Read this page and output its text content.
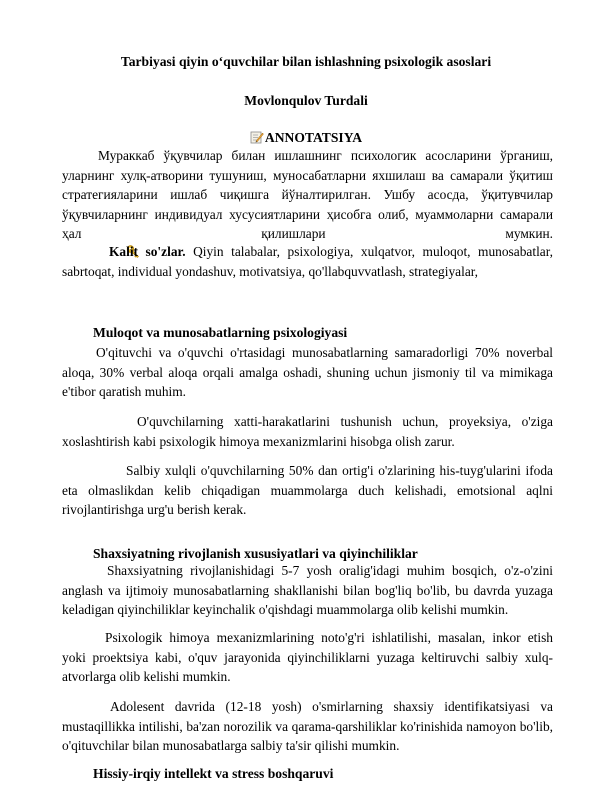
Tarbiyasi qiyin o‘quvchilar bilan ishlashning psixologik asoslari
Movlonqulov Turdali
ANNOTATSIYA
Мураккаб ўқувчилар билан ишлашнинг психологик асосларини ўрганиш, уларнинг хулқ-атворини тушуниш, муносабатларни яхшилаш ва самарали ўқитиш стратегияларини ишлаб чиқишга йўналтирилган. Ушбу асосда, ўқитувчилар ўқувчиларнинг индивидуал хусусиятларини ҳисобга олиб, муаммоларни самарали ҳал қилишлари мумкин.
Kalit so'zlar. Qiyin talabalar, psixologiya, xulqatvor, muloqot, munosabatlar, sabrtoqat, individual yondashuv, motivatsiya, qo'llabquvvatlash, strategiyalar,
Muloqot va munosabatlarning psixologiyasi
O'qituvchi va o'quvchi o'rtasidagi munosabatlarning samaradorligi 70% noverbal aloqa, 30% verbal aloqa orqali amalga oshadi, shuning uchun jismoniy til va mimikaga e'tibor qaratish muhim.
O'quvchilarning xatti-harakatlarini tushunish uchun, proyeksiya, o'ziga xoslashtirish kabi psixologik himoya mexanizmlarini hisobga olish zarur.
Salbiy xulqli o'quvchilarning 50% dan ortig'i o'zlarining his-tuyg'ularini ifoda eta olmaslikdan kelib chiqadigan muammolarga duch kelishadi, emotsional aqlni rivojlantirishga urg'u berish kerak.
Shaxsiyatning rivojlanish xususiyatlari va qiyinchiliklar
Shaxsiyatning rivojlanishidagi 5-7 yosh oralig'idagi muhim bosqich, o'z-o'zini anglash va ijtimoiy munosabatlarning shakllanishi bilan bog'liq bo'lib, bu davrda yuzaga keladigan qiyinchiliklar keyinchalik o'qishdagi muammolarga olib kelishi mumkin.
Psixologik himoya mexanizmlarining noto'g'ri ishlatilishi, masalan, inkor etish yoki proektsiya kabi, o'quv jarayonida qiyinchiliklarni yuzaga keltiruvchi salbiy xulq-atvorlarga olib kelishi mumkin.
Adolesent davrida (12-18 yosh) o'smirlarning shaxsiy identifikatsiyasi va mustaqillikka intilishi, ba'zan norozilik va qarama-qarshiliklar ko'rinishida namoyon bo'lib, o'qituvchilar bilan munosabatlarga salbiy ta'sir qilishi mumkin.
Hissiy-irqiy intellekt va stress boshqaruvi
